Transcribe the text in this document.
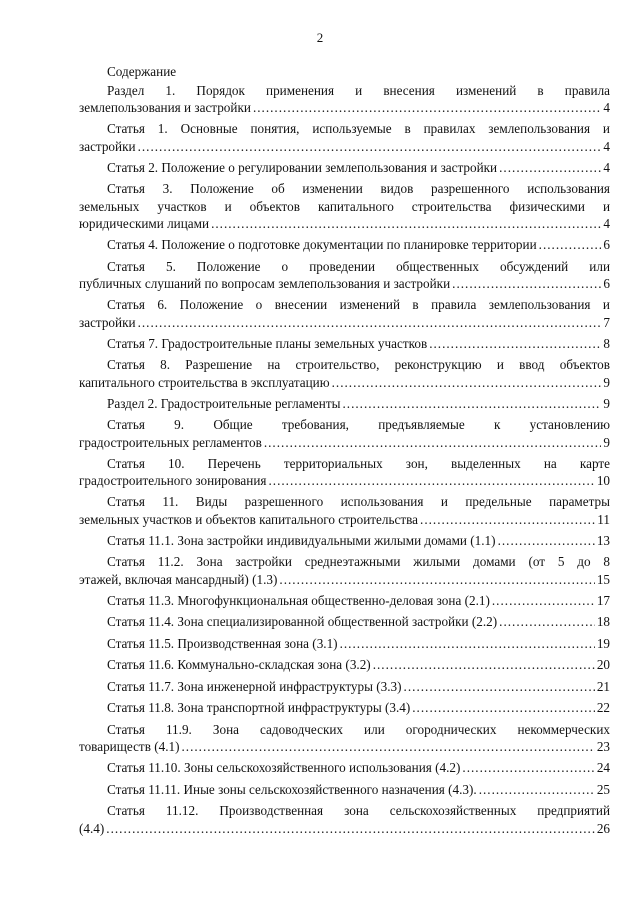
2
Содержание
Раздел 1. Порядок применения и внесения изменений в правила
землепользования и застройки .....	4
Статья 1. Основные понятия, используемые в правилах землепользования и
застройки .....	4
Статья 2. Положение о регулировании землепользования и застройки .....	4
Статья 3. Положение об изменении видов разрешенного использования
земельных участков и объектов капитального строительства физическими и
юридическими лицами .....	4
Статья 4. Положение о подготовке документации по планировке территории .....	6
Статья 5. Положение о проведении общественных обсуждений или
публичных слушаний по вопросам землепользования и застройки .....	6
Статья 6. Положение о внесении изменений в правила землепользования и
застройки .....	7
Статья 7. Градостроительные планы земельных участков .....	8
Статья 8. Разрешение на строительство, реконструкцию и ввод объектов
капитального строительства в эксплуатацию .....	9
Раздел 2. Градостроительные регламенты .....	9
Статья 9. Общие требования, предъявляемые к установлению
градостроительных регламентов .....	9
Статья 10. Перечень территориальных зон, выделенных на карте
градостроительного зонирования .....	10
Статья 11. Виды разрешенного использования и предельные параметры
земельных участков и объектов капитального строительства .....	11
Статья 11.1. Зона застройки индивидуальными жилыми домами (1.1) .....	13
Статья 11.2. Зона застройки среднеэтажными жилыми домами (от 5 до 8
этажей, включая мансардный) (1.3) .....	15
Статья 11.3. Многофункциональная общественно-деловая зона (2.1) .....	17
Статья 11.4. Зона специализированной общественной застройки (2.2) .....	18
Статья 11.5. Производственная зона (3.1) .....	19
Статья 11.6. Коммунально-складская зона (3.2) .....	20
Статья 11.7. Зона инженерной инфраструктуры (3.3) .....	21
Статья 11.8. Зона транспортной инфраструктуры (3.4) .....	22
Статья 11.9. Зона садоводческих или огороднических некоммерческих
товариществ (4.1) .....	23
Статья 11.10. Зоны сельскохозяйственного использования (4.2) .....	24
Статья 11.11. Иные зоны сельскохозяйственного назначения (4.3). .....	25
Статья 11.12. Производственная зона сельскохозяйственных предприятий
(4.4) .....	26
